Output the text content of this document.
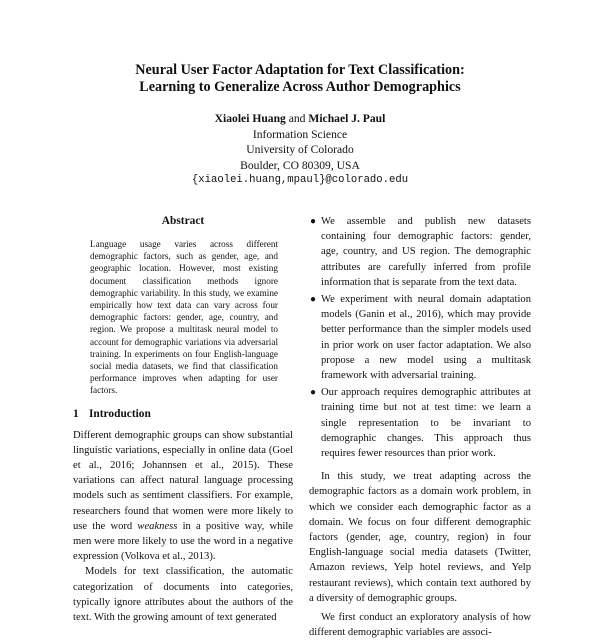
Neural User Factor Adaptation for Text Classification:
Learning to Generalize Across Author Demographics
Xiaolei Huang and Michael J. Paul
Information Science
University of Colorado
Boulder, CO 80309, USA
{xiaolei.huang,mpaul}@colorado.edu
Abstract

Language usage varies across different demographic factors, such as gender, age, and geographic location. However, most existing document classification methods ignore demographic variability. In this study, we examine empirically how text data can vary across four demographic factors: gender, age, country, and region. We propose a multitask neural model to account for demographic variations via adversarial training. In experiments on four English-language social media datasets, we find that classification performance improves when adapting for user factors.

1 Introduction

Different demographic groups can show substantial linguistic variations, especially in online data (Goel et al., 2016; Johannsen et al., 2015). These variations can affect natural language processing models such as sentiment classifiers. For example, researchers found that women were more likely to use the word weakness in a positive way, while men were more likely to use the word in a negative expression (Volkova et al., 2013).

Models for text classification, the automatic categorization of documents into categories, typically ignore attributes about the authors of the text. With the growing amount of text generated

● We assemble and publish new datasets containing four demographic factors: gender, age, country, and US region. The demographic attributes are carefully inferred from profile information that is separate from the text data.
● We experiment with neural domain adaptation models (Ganin et al., 2016), which may provide better performance than the simpler models used in prior work on user factor adaptation. We also propose a new model using a multitask framework with adversarial training.
● Our approach requires demographic attributes at training time but not at test time: we learn a single representation to be invariant to demographic changes. This approach thus requires fewer resources than prior work.

In this study, we treat adapting across the demographic factors as a domain work problem, in which we consider each demographic factor as a domain. We focus on four different demographic factors (gender, age, country, region) in four English-language social media datasets (Twitter, Amazon reviews, Yelp hotel reviews, and Yelp restaurant reviews), which contain text authored by a diversity of demographic groups.

We first conduct an exploratory analysis of how different demographic variables are associ-
